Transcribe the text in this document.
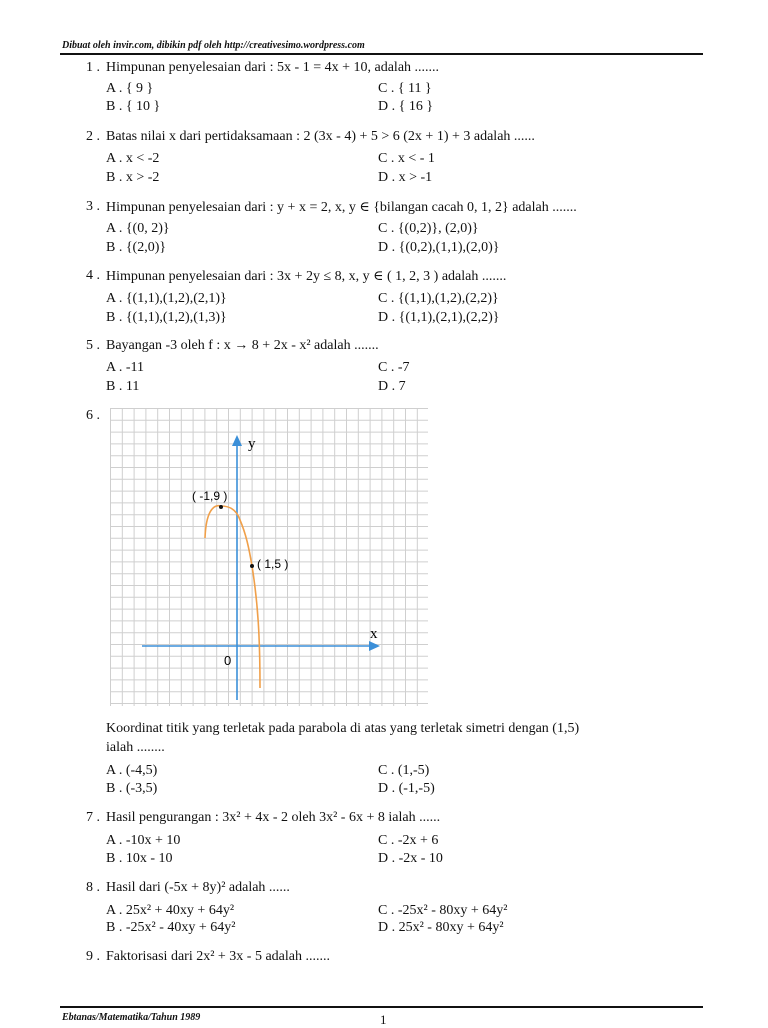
Dibuat oleh invir.com, dibikin pdf oleh http://creativesimo.wordpress.com
1 . Himpunan penyelesaian dari : 5x - 1 = 4x + 10, adalah .......
A . { 9 }
B . { 10 }
C . { 11 }
D . { 16 }
2 . Batas nilai x dari pertidaksamaan : 2 (3x - 4) + 5 > 6 (2x + 1) + 3 adalah ......
A . x < -2
B . x > -2
C . x < - 1
D . x > -1
3 . Himpunan penyelesaian dari : y + x = 2, x, y ∈ {bilangan cacah 0, 1, 2} adalah .......
A . {(0, 2)}
B . {(2,0)}
C . {(0,2)}, (2,0)}
D . {(0,2),(1,1),(2,0)}
4 . Himpunan penyelesaian dari : 3x + 2y ≤ 8, x, y ∈ ( 1, 2, 3 ) adalah .......
A . {(1,1),(1,2),(2,1)}
B . {(1,1),(1,2),(1,3)}
C . {(1,1),(1,2),(2,2)}
D . {(1,1),(2,1),(2,2)}
5 . Bayangan -3 oleh f : x → 8 + 2x - x² adalah .......
A . -11
B . 11
C . -7
D . 7
6 .
y
x
0
( -1,9 )
( 1,5 )
Koordinat titik yang terletak pada parabola di atas yang terletak simetri dengan (1,5)
ialah ........
A . (-4,5)
B . (-3,5)
C . (1,-5)
D . (-1,-5)
7 . Hasil pengurangan : 3x² + 4x - 2 oleh 3x² - 6x + 8 ialah ......
A . -10x + 10
B . 10x - 10
C . -2x + 6
D . -2x - 10
8 . Hasil dari (-5x + 8y)² adalah ......
A . 25x² + 40xy + 64y²
B . -25x² - 40xy + 64y²
C . -25x² - 80xy + 64y²
D . 25x² - 80xy + 64y²
9 . Faktorisasi dari 2x² + 3x - 5 adalah .......
Ebtanas/Matematika/Tahun 1989	1
